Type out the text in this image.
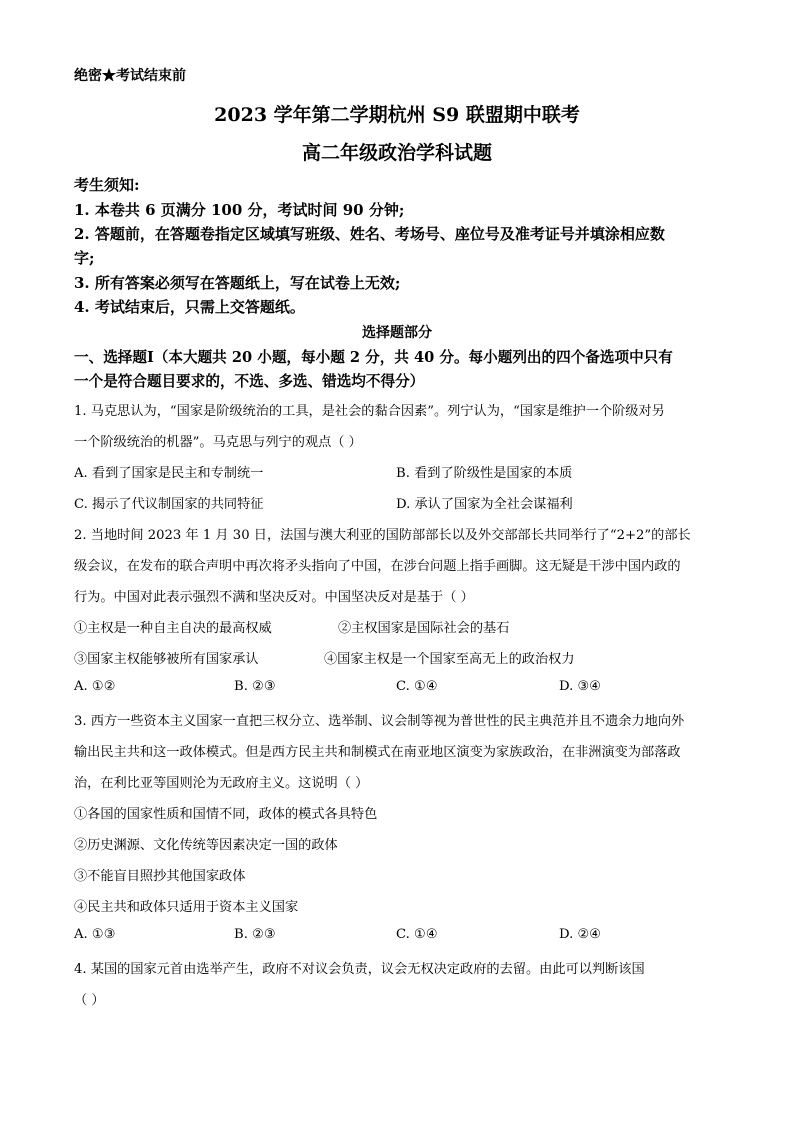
绝密★考试结束前
2023 学年第二学期杭州 S9 联盟期中联考
高二年级政治学科试题
考生须知:
1. 本卷共 6 页满分 100 分，考试时间 90 分钟;
2. 答题前，在答题卷指定区域填写班级、姓名、考场号、座位号及准考证号并填涂相应数
字;
3. 所有答案必须写在答题纸上，写在试卷上无效;
4. 考试结束后，只需上交答题纸。
选择题部分
一、选择题Ⅰ（本大题共 20 小题，每小题 2 分，共 40 分。每小题列出的四个备选项中只有
一个是符合题目要求的，不选、多选、错选均不得分）
1. 马克思认为，“国家是阶级统治的工具，是社会的黏合因素”。列宁认为，“国家是维护一个阶级对另
一个阶级统治的机器”。马克思与列宁的观点（ ）
A. 看到了国家是民主和专制统一	B. 看到了阶级性是国家的本质
C. 揭示了代议制国家的共同特征	D. 承认了国家为全社会谋福利
2. 当地时间 2023 年 1 月 30 日，法国与澳大利亚的国防部部长以及外交部部长共同举行了“2+2”的部长
级会议，在发布的联合声明中再次将矛头指向了中国，在涉台问题上指手画脚。这无疑是干涉中国内政的
行为。中国对此表示强烈不满和坚决反对。中国坚决反对是基于（ ）
①主权是一种自主自决的最高权威	②主权国家是国际社会的基石
③国家主权能够被所有国家承认	④国家主权是一个国家至高无上的政治权力
A. ①②	B. ②③	C. ①④	D. ③④
3. 西方一些资本主义国家一直把三权分立、选举制、议会制等视为普世性的民主典范并且不遗余力地向外
输出民主共和这一政体模式。但是西方民主共和制模式在南亚地区演变为家族政治，在非洲演变为部落政
治，在利比亚等国则沦为无政府主义。这说明（ ）
①各国的国家性质和国情不同，政体的模式各具特色
②历史渊源、文化传统等因素决定一国的政体
③不能盲目照抄其他国家政体
④民主共和政体只适用于资本主义国家
A. ①③	B. ②③	C. ①④	D. ②④
4. 某国的国家元首由选举产生，政府不对议会负责，议会无权决定政府的去留。由此可以判断该国
（ ）
